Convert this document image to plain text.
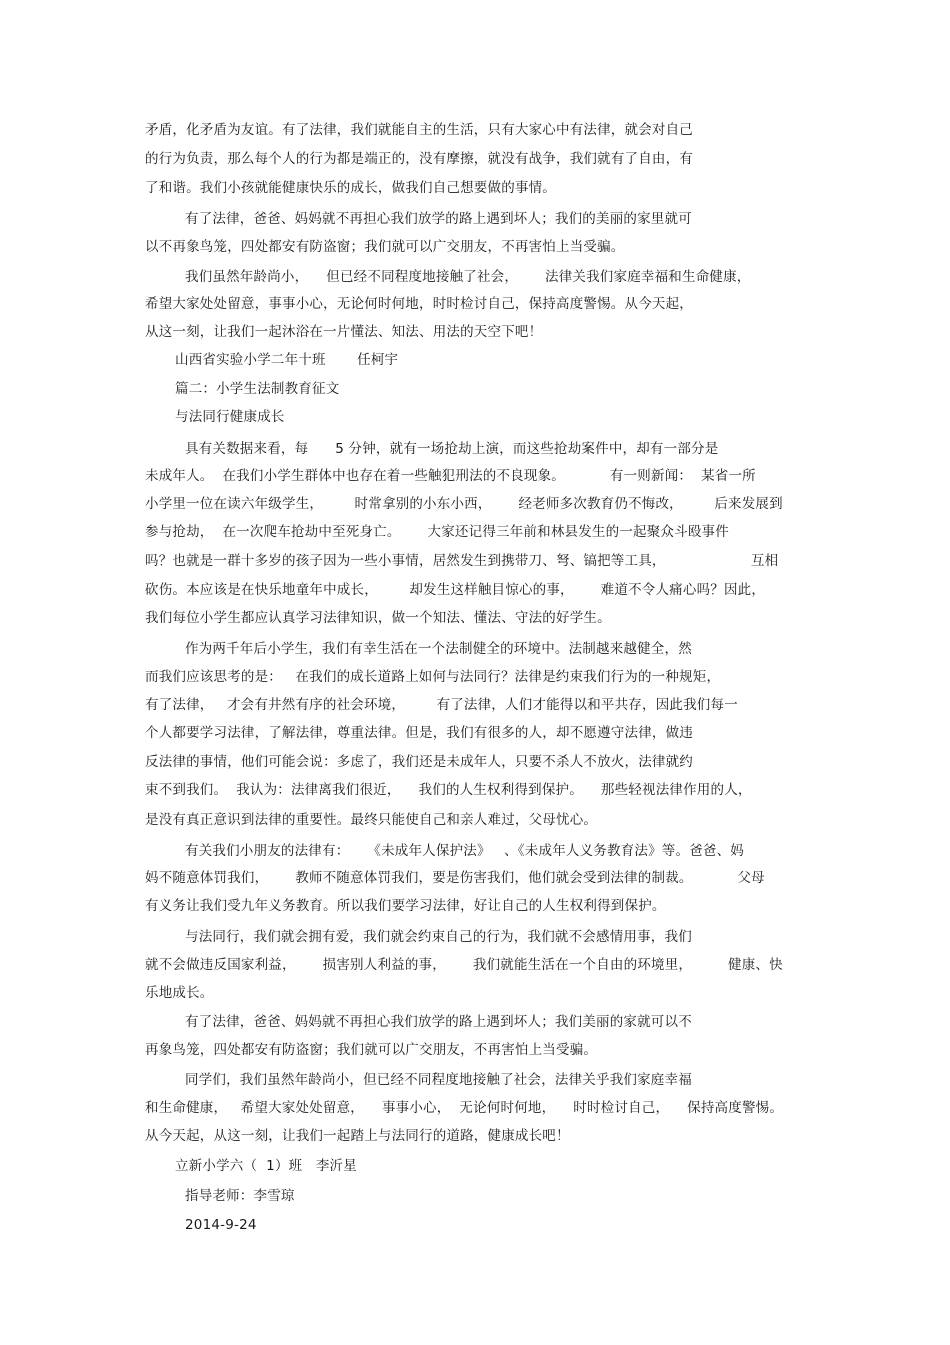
矛盾，化矛盾为友谊。有了法律，我们就能自主的生活，只有大家心中有法律，就会对自己
的行为负责，那么每个人的行为都是端正的，没有摩擦，就没有战争，我们就有了自由，有
了和谐。我们小孩就能健康快乐的成长，做我们自己想要做的事情。
有了法律，爸爸、妈妈就不再担心我们放学的路上遇到坏人；我们的美丽的家里就可
以不再象鸟笼，四处都安有防盗窗；我们就可以广交朋友，不再害怕上当受骗。
我们虽然年龄尚小，    但已经不同程度地接触了社会，      法律关我们家庭幸福和生命健康，
希望大家处处留意，事事小心，无论何时何地，时时检讨自己，保持高度警惕。从今天起，
从这一刻，让我们一起沐浴在一片懂法、知法、用法的天空下吧！
山西省实验小学二年十班       任柯宇
篇二：小学生法制教育征文
与法同行健康成长
具有关数据来看，每      5 分钟，就有一场抢劫上演，而这些抢劫案件中，却有一部分是
未成年人。  在我们小学生群体中也存在着一些触犯刑法的不良现象。          有一则新闻：  某省一所
小学里一位在读六年级学生，       时常拿别的小东小西，      经老师多次教育仍不悔改，       后来发展到
参与抢劫，  在一次爬车抢劫中至死身亡。      大家还记得三年前和林县发生的一起聚众斗殴事件
吗？也就是一群十多岁的孩子因为一些小事情，居然发生到携带刀、弩、镐把等工具，                   互相
砍伤。本应该是在快乐地童年中成长，       却发生这样触目惊心的事，      难道不令人痛心吗？因此，
我们每位小学生都应认真学习法律知识，做一个知法、懂法、守法的好学生。
作为两千年后小学生，我们有幸生活在一个法制健全的环境中。法制越来越健全，然
而我们应该思考的是：   在我们的成长道路上如何与法同行？法律是约束我们行为的一种规矩，
有了法律，   才会有井然有序的社会环境，       有了法律，人们才能得以和平共存，因此我们每一
个人都要学习法律，了解法律，尊重法律。但是，我们有很多的人，却不愿遵守法律，做违
反法律的事情，他们可能会说：多虑了，我们还是未成年人，只要不杀人不放火，法律就约
束不到我们。  我认为：法律离我们很近，    我们的人生权利得到保护。    那些轻视法律作用的人，
是没有真正意识到法律的重要性。最终只能使自己和亲人难过，父母忧心。
有关我们小朋友的法律有：    《未成年人保护法》   、《未成年人义务教育法》等。爸爸、妈
妈不随意体罚我们，      教师不随意体罚我们，要是伤害我们，他们就会受到法律的制裁。          父母
有义务让我们受九年义务教育。所以我们要学习法律，好让自己的人生权利得到保护。
与法同行，我们就会拥有爱，我们就会约束自己的行为，我们就不会感情用事，我们
就不会做违反国家利益，      损害别人利益的事，      我们就能生活在一个自由的环境里，        健康、快
乐地成长。
有了法律，爸爸、妈妈就不再担心我们放学的路上遇到坏人；我们美丽的家就可以不
再象鸟笼，四处都安有防盗窗；我们就可以广交朋友，不再害怕上当受骗。
同学们，我们虽然年龄尚小，但已经不同程度地接触了社会，法律关乎我们家庭幸福
和生命健康，   希望大家处处留意，    事事小心，  无论何时何地，    时时检讨自己，    保持高度警惕。
从今天起，从这一刻，让我们一起踏上与法同行的道路，健康成长吧！
立新小学六（  1）班   李沂星
指导老师：李雪琼
2014-9-24
